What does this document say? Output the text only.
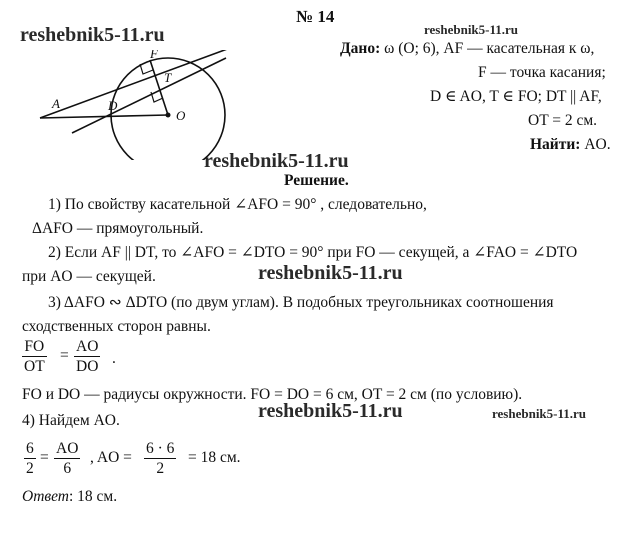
№ 14
reshebnik5-11.ru	reshebnik5-11.ru
reshebnik5-11.ru
reshebnik5-11.ru
reshebnik5-11.ru	reshebnik5-11.ru
A	D
O
F
T
Дано: ω (O; 6), AF — касательная к ω,
F — точка касания;
D ∈ AO, T ∈ FO; DT || AF,
OT = 2 см.
Найти: AO.
Решение.
1) По свойству касательной ∠AFO = 90° , следовательно,
ΔAFO — прямоугольный.
2) Если AF || DT, то ∠AFO = ∠DTO = 90° при FO — секущей, а ∠FAO = ∠DTO
при AO — секущей.
3) ΔAFO ∾ ΔDTO (по двум углам). В подобных треугольниках соотношения
сходственных сторон равны.
FO
OT
=
AO
DO .
FO и DO — радиусы окружности. FO = DO = 6 см, OT = 2 см (по условию).
4) Найдем AO.
6
2
=
AO
6
, AO =
6 · 6
2
= 18 см.
Ответ: 18 см.
